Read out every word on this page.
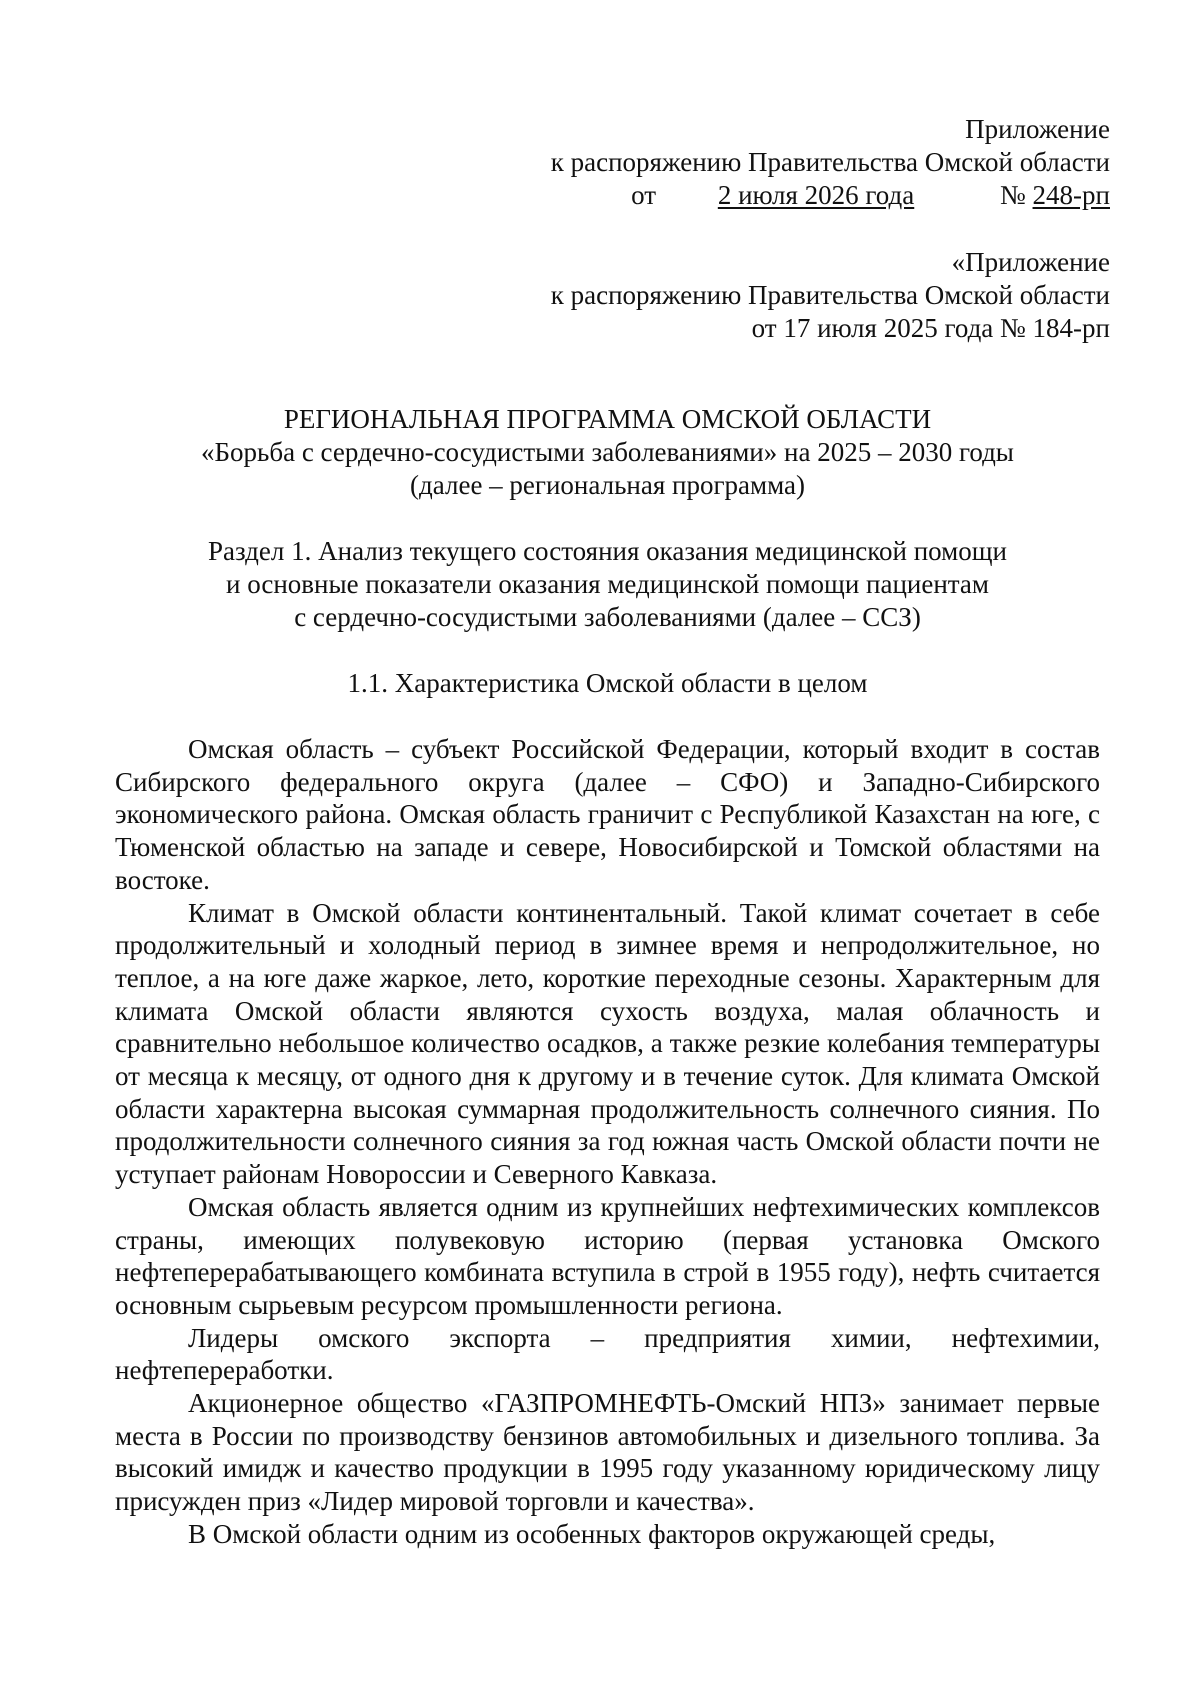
Приложение
к распоряжению Правительства Омской области
от 2 июля 2026 года	№ 248-рп
«Приложение
к распоряжению Правительства Омской области
от 17 июля 2025 года № 184-рп
РЕГИОНАЛЬНАЯ ПРОГРАММА ОМСКОЙ ОБЛАСТИ
«Борьба с сердечно-сосудистыми заболеваниями» на 2025 – 2030 годы
(далее – региональная программа)
Раздел 1. Анализ текущего состояния оказания медицинской помощи
и основные показатели оказания медицинской помощи пациентам
с сердечно-сосудистыми заболеваниями (далее – ССЗ)
1.1. Характеристика Омской области в целом

Омская область – субъект Российской Федерации, который входит в состав Сибирского федерального округа (далее – СФО) и Западно-Сибирского экономического района. Омская область граничит с Республикой Казахстан на юге, с Тюменской областью на западе и севере, Новосибирской и Томской областями на востоке.

Климат в Омской области континентальный. Такой климат сочетает в себе продолжительный и холодный период в зимнее время и непродолжительное, но теплое, а на юге даже жаркое, лето, короткие переходные сезоны. Характерным для климата Омской области являются сухость воздуха, малая облачность и сравнительно небольшое количество осадков, а также резкие колебания температуры от месяца к месяцу, от одного дня к другому и в течение суток. Для климата Омской области характерна высокая суммарная продолжительность солнечного сияния. По продолжительности солнечного сияния за год южная часть Омской области почти не уступает районам Новороссии и Северного Кавказа.

Омская область является одним из крупнейших нефтехимических комплексов страны, имеющих полувековую историю (первая установка Омского нефтеперерабатывающего комбината вступила в строй в 1955 году), нефть считается основным сырьевым ресурсом промышленности региона.

Лидеры омского экспорта – предприятия химии, нефтехимии, нефтепереработки.

Акционерное общество «ГАЗПРОМНЕФТЬ-Омский НПЗ» занимает первые места в России по производству бензинов автомобильных и дизельного топлива. За высокий имидж и качество продукции в 1995 году указанному юридическому лицу присужден приз «Лидер мировой торговли и качества».

В Омской области одним из особенных факторов окружающей среды,
